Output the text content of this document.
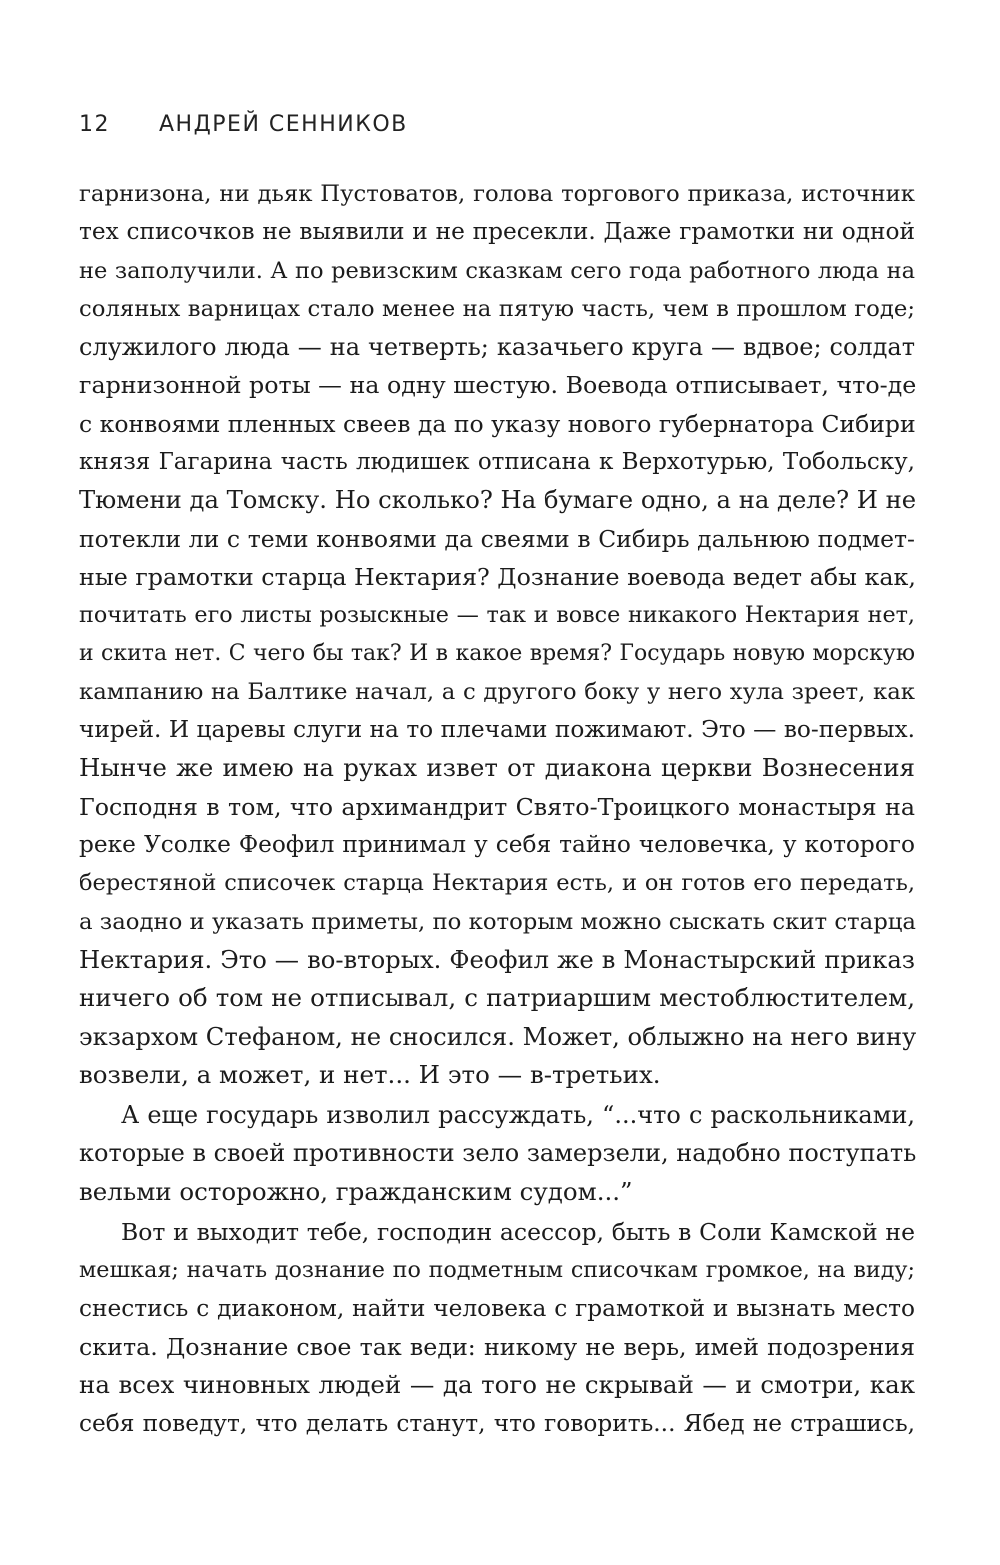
12 АНДРЕЙ СЕННИКОВ
гарнизона, ни дьяк Пустоватов, голова торгового приказа, источник
тех списочков не выявили и не пресекли. Даже грамотки ни одной
не заполучили. А по ревизским сказкам сего года работного люда на
соляных варницах стало менее на пятую часть, чем в прошлом годе;
служилого люда — на четверть; казачьего круга — вдвое; солдат
гарнизонной роты — на одну шестую. Воевода отписывает, что-де
с конвоями пленных свеев да по указу нового губернатора Сибири
князя Гагарина часть людишек отписана к Верхотурью, Тобольску,
Тюмени да Томску. Но сколько? На бумаге одно, а на деле? И не
потекли ли с теми конвоями да свеями в Сибирь дальнюю подмет-
ные грамотки старца Нектария? Дознание воевода ведет абы как,
почитать его листы розыскные — так и вовсе никакого Нектария нет,
и скита нет. С чего бы так? И в какое время? Государь новую морскую
кампанию на Балтике начал, а с другого боку у него хула зреет, как
чирей. И царевы слуги на то плечами пожимают. Это — во-первых.
Нынче же имею на руках извет от диакона церкви Вознесения
Господня в том, что архимандрит Свято-Троицкого монастыря на
реке Усолке Феофил принимал у себя тайно человечка, у которого
берестяной списочек старца Нектария есть, и он готов его передать,
а заодно и указать приметы, по которым можно сыскать скит старца
Нектария. Это — во-вторых. Феофил же в Монастырский приказ
ничего об том не отписывал, с патриаршим местоблюстителем,
экзархом Стефаном, не сносился. Может, облыжно на него вину
возвели, а может, и нет... И это — в-третьих.
А еще государь изволил рассуждать, “...что с раскольниками,
которые в своей противности зело замерзели, надобно поступать
вельми осторожно, гражданским судом...”
Вот и выходит тебе, господин асессор, быть в Соли Камской не
мешкая; начать дознание по подметным списочкам громкое, на виду;
снестись с диаконом, найти человека с грамоткой и вызнать место
скита. Дознание свое так веди: никому не верь, имей подозрения
на всех чиновных людей — да того не скрывай — и смотри, как
себя поведут, что делать станут, что говорить... Ябед не страшись,
